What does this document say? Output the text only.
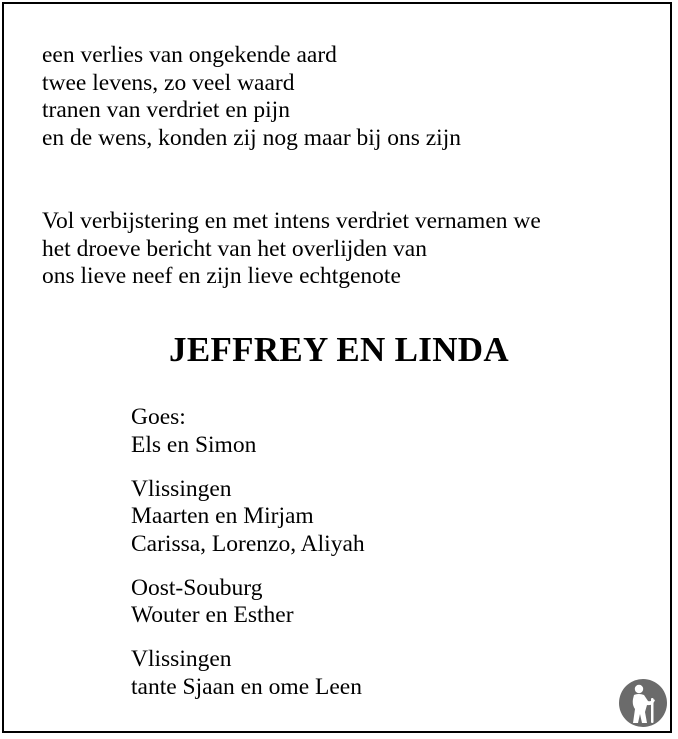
een verlies van ongekende aard
twee levens, zo veel waard
tranen van verdriet en pijn
en de wens, konden zij nog maar bij ons zijn
Vol verbijstering en met intens verdriet vernamen we
het droeve bericht van het overlijden van
ons lieve neef en zijn lieve echtgenote
JEFFREY EN LINDA
Goes:
Els en Simon
Vlissingen
Maarten en Mirjam
Carissa, Lorenzo, Aliyah
Oost-Souburg
Wouter en Esther
Vlissingen
tante Sjaan en ome Leen
